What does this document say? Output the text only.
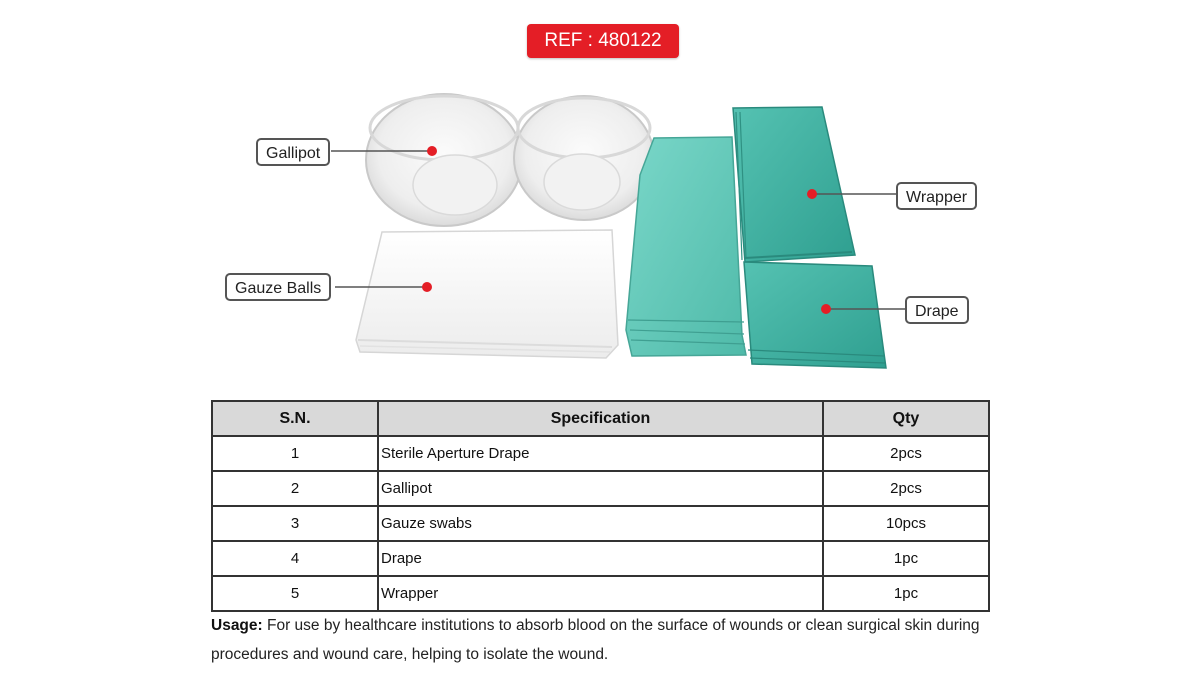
REF : 480122
Gallipot
Gauze Balls
Wrapper
Drape
S.N.	Specification	Qty
1	Sterile Aperture Drape	2pcs
2	Gallipot	2pcs
3	Gauze swabs	10pcs
4	Drape	1pc
5	Wrapper	1pc
Usage: For use by healthcare institutions to absorb blood on the surface of wounds or clean surgical skin during procedures and wound care, helping to isolate the wound.
